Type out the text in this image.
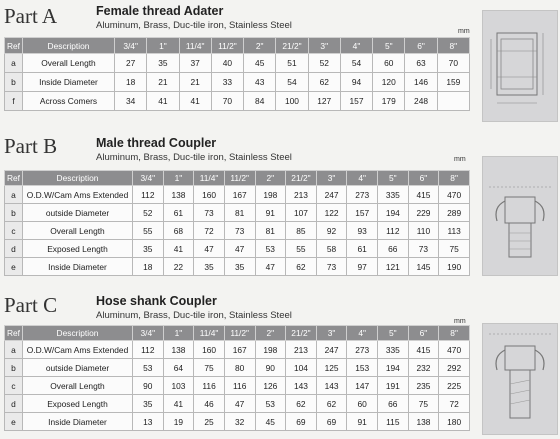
Part A	Female thread Adater
Aluminum, Brass, Duc-tile iron, Stainless Steel
mm
Ref	Description	3/4"	1"	11/4"	11/2"	2"	21/2"	3"	4"	5"	6"	8"
a	Overall Length	27	35	37	40	45	51	52	54	60	63	70
b	Inside Diameter	18	21	21	33	43	54	62	94	120	146	159
f	Across Comers	34	41	41	70	84	100	127	157	179	248	
Part B	Male thread Coupler
Aluminum, Brass, Duc-tile iron, Stainless Steel	mm
Ref	Description	3/4"	1"	11/4"	11/2"	2"	21/2"	3"	4"	5"	6"	8"
a	O.D.W/Cam Ams Extended	112	138	160	167	198	213	247	273	335	415	470
b	outside Diameter	52	61	73	81	91	107	122	157	194	229	289
c	Overall Length	55	68	72	73	81	85	92	93	112	110	113
d	Exposed Length	35	41	47	47	53	55	58	61	66	73	75
e	Inside Diameter	18	22	35	35	47	62	73	97	121	145	190
Part C	Hose shank Coupler
Aluminum, Brass, Duc-tile iron, Stainless Steel
mm
Ref	Description	3/4"	1"	11/4"	11/2"	2"	21/2"	3"	4"	5"	6"	8"
a	O.D.W/Cam Ams Extended	112	138	160	167	198	213	247	273	335	415	470
b	outside Diameter	53	64	75	80	90	104	125	153	194	232	292
c	Overall Length	90	103	116	116	126	143	143	147	191	235	225
d	Exposed Length	35	41	46	47	53	62	62	60	66	75	72
e	Inside Diameter	13	19	25	32	45	69	69	91	115	138	180
